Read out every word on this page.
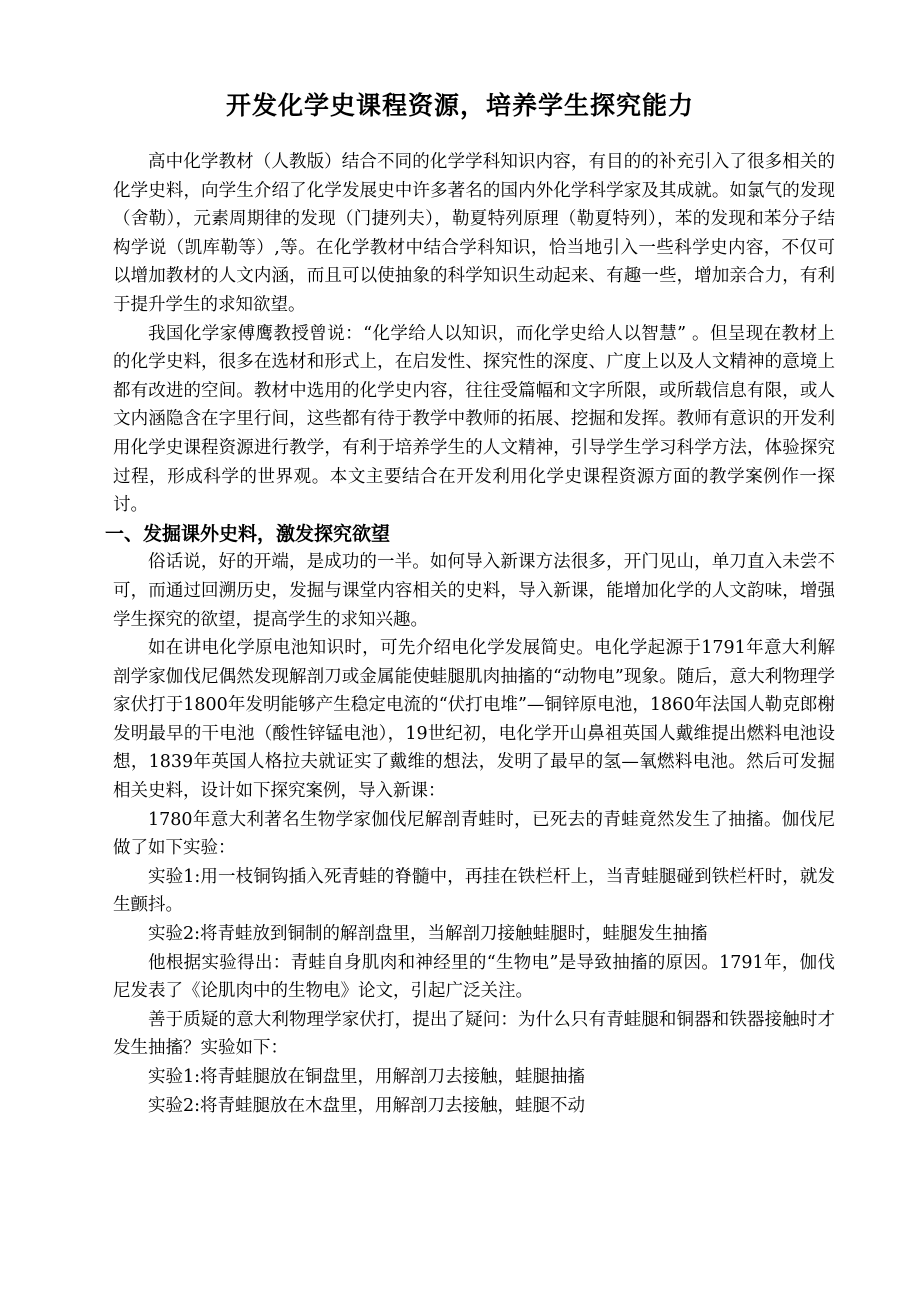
开发化学史课程资源，培养学生探究能力

高中化学教材（人教版）结合不同的化学学科知识内容，有目的的补充引入了很多相关的化学史料，向学生介绍了化学发展史中许多著名的国内外化学科学家及其成就。如氯气的发现（舍勒），元素周期律的发现（门捷列夫），勒夏特列原理（勒夏特列），苯的发现和苯分子结构学说（凯库勒等）,等。在化学教材中结合学科知识，恰当地引入一些科学史内容，不仅可以增加教材的人文内涵，而且可以使抽象的科学知识生动起来、有趣一些，增加亲合力，有利于提升学生的求知欲望。

我国化学家傅鹰教授曾说：“化学给人以知识，而化学史给人以智慧” 。但呈现在教材上的化学史料，很多在选材和形式上，在启发性、探究性的深度、广度上以及人文精神的意境上都有改进的空间。教材中选用的化学史内容，往往受篇幅和文字所限，或所载信息有限，或人文内涵隐含在字里行间，这些都有待于教学中教师的拓展、挖掘和发挥。教师有意识的开发利用化学史课程资源进行教学，有利于培养学生的人文精神，引导学生学习科学方法，体验探究过程，形成科学的世界观。本文主要结合在开发利用化学史课程资源方面的教学案例作一探讨。

一、发掘课外史料，激发探究欲望

俗话说，好的开端，是成功的一半。如何导入新课方法很多，开门见山，单刀直入未尝不可，而通过回溯历史，发掘与课堂内容相关的史料，导入新课，能增加化学的人文韵味，增强学生探究的欲望，提高学生的求知兴趣。

如在讲电化学原电池知识时，可先介绍电化学发展简史。电化学起源于1791年意大利解剖学家伽伐尼偶然发现解剖刀或金属能使蛙腿肌肉抽搐的“动物电”现象。随后，意大利物理学家伏打于1800年发明能够产生稳定电流的“伏打电堆”—铜锌原电池，1860年法国人勒克郎榭发明最早的干电池（酸性锌锰电池），19世纪初，电化学开山鼻祖英国人戴维提出燃料电池设想，1839年英国人格拉夫就证实了戴维的想法，发明了最早的氢—氧燃料电池。然后可发掘相关史料，设计如下探究案例，导入新课：

1780年意大利著名生物学家伽伐尼解剖青蛙时，已死去的青蛙竟然发生了抽搐。伽伐尼做了如下实验：

实验1:用一枝铜钩插入死青蛙的脊髓中，再挂在铁栏杆上，当青蛙腿碰到铁栏杆时，就发生颤抖。

实验2:将青蛙放到铜制的解剖盘里，当解剖刀接触蛙腿时，蛙腿发生抽搐

他根据实验得出：青蛙自身肌肉和神经里的“生物电”是导致抽搐的原因。1791年，伽伐尼发表了《论肌肉中的生物电》论文，引起广泛关注。

善于质疑的意大利物理学家伏打，提出了疑问：为什么只有青蛙腿和铜器和铁器接触时才发生抽搐？实验如下：

实验1:将青蛙腿放在铜盘里，用解剖刀去接触，蛙腿抽搐

实验2:将青蛙腿放在木盘里，用解剖刀去接触，蛙腿不动
